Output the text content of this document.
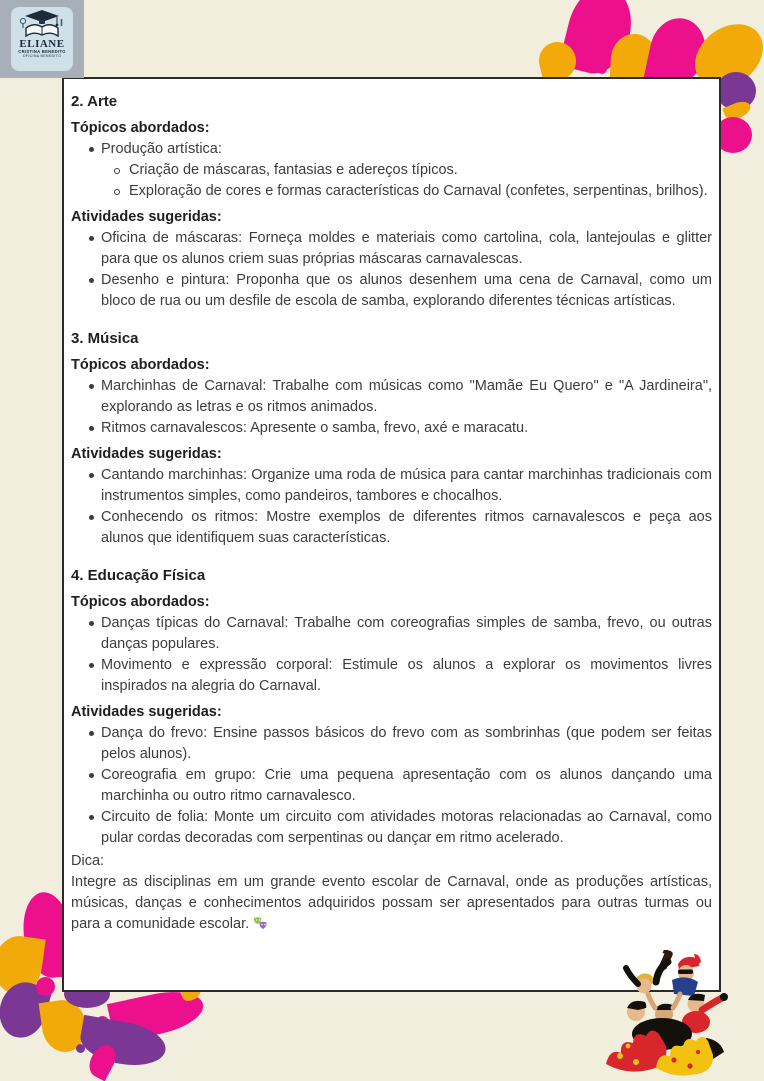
ELIANE
CRISTINA BENEDITO
OFICINA BENEDITO
2. Arte
Tópicos abordados:
Produção artística:
Criação de máscaras, fantasias e adereços típicos.
Exploração de cores e formas características do Carnaval (confetes, serpentinas, brilhos).
Atividades sugeridas:
Oficina de máscaras: Forneça moldes e materiais como cartolina, cola, lantejoulas e glitter para que os alunos criem suas próprias máscaras carnavalescas.
Desenho e pintura: Proponha que os alunos desenhem uma cena de Carnaval, como um bloco de rua ou um desfile de escola de samba, explorando diferentes técnicas artísticas.
3. Música
Tópicos abordados:
Marchinhas de Carnaval: Trabalhe com músicas como "Mamãe Eu Quero" e "A Jardineira", explorando as letras e os ritmos animados.
Ritmos carnavalescos: Apresente o samba, frevo, axé e maracatu.
Atividades sugeridas:
Cantando marchinhas: Organize uma roda de música para cantar marchinhas tradicionais com instrumentos simples, como pandeiros, tambores e chocalhos.
Conhecendo os ritmos: Mostre exemplos de diferentes ritmos carnavalescos e peça aos alunos que identifiquem suas características.
4. Educação Física
Tópicos abordados:
Danças típicas do Carnaval: Trabalhe com coreografias simples de samba, frevo, ou outras danças populares.
Movimento e expressão corporal: Estimule os alunos a explorar os movimentos livres inspirados na alegria do Carnaval.
Atividades sugeridas:
Dança do frevo: Ensine passos básicos do frevo com as sombrinhas (que podem ser feitas pelos alunos).
Coreografia em grupo: Crie uma pequena apresentação com os alunos dançando uma marchinha ou outro ritmo carnavalesco.
Circuito de folia: Monte um circuito com atividades motoras relacionadas ao Carnaval, como pular cordas decoradas com serpentinas ou dançar em ritmo acelerado.
Dica:

Integre as disciplinas em um grande evento escolar de Carnaval, onde as produções artísticas, músicas, danças e conhecimentos adquiridos possam ser apresentados para outras turmas ou para a comunidade escolar.
